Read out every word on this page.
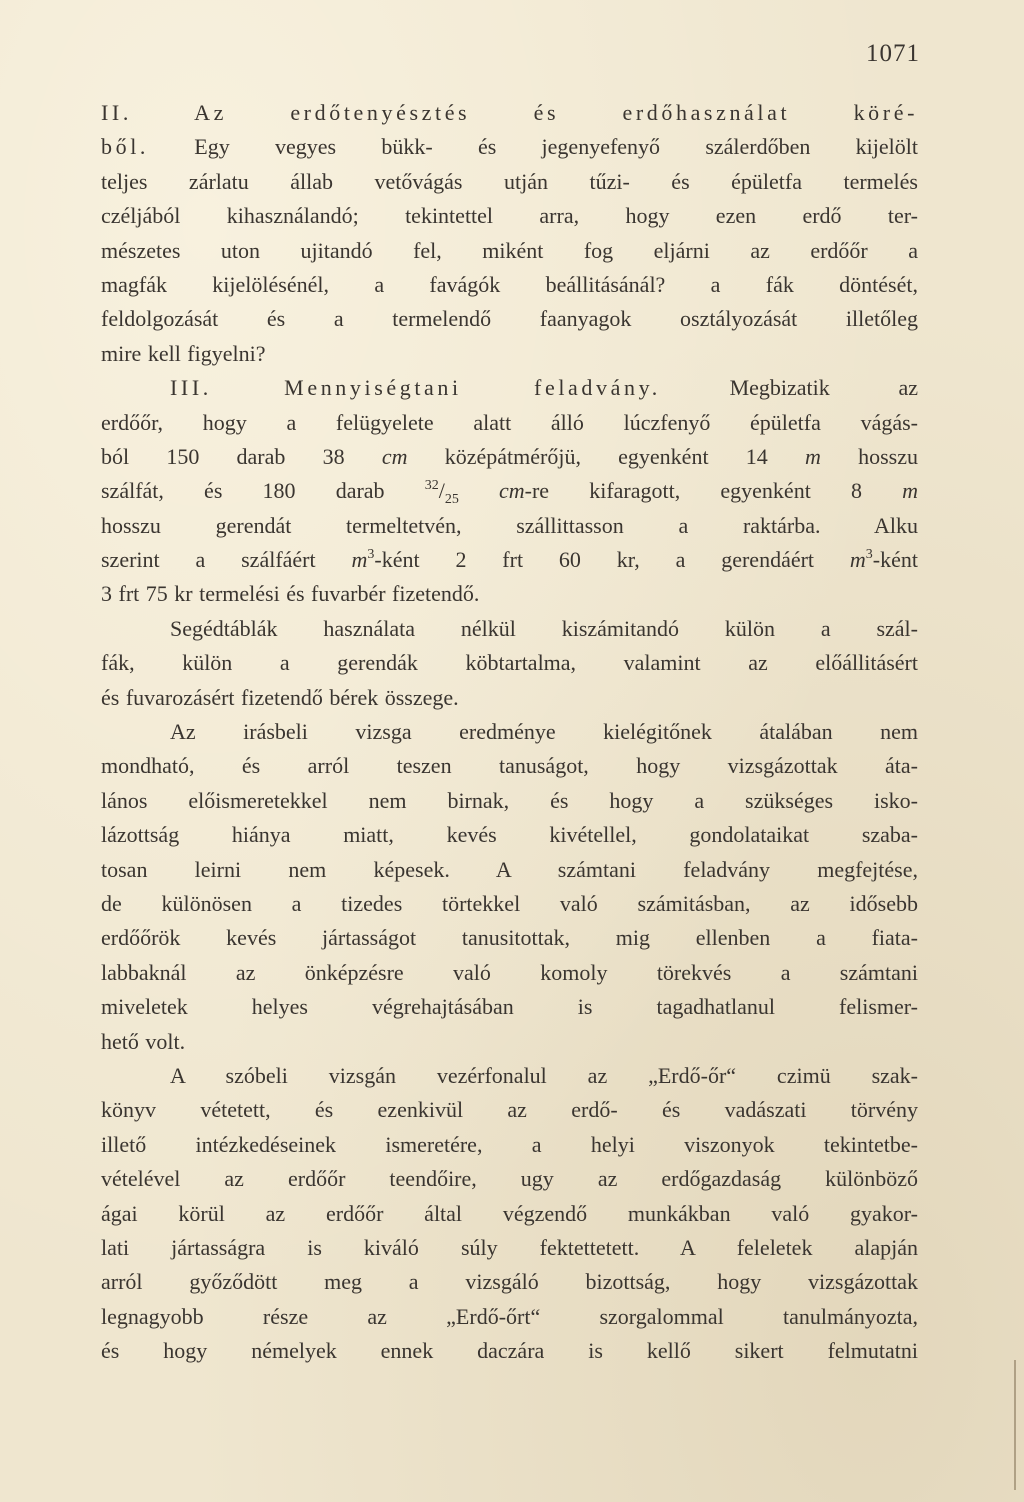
1071
II. Az erdőtenyésztés és erdőhasználat köré-
ből. Egy vegyes bükk- és jegenyefenyő szálerdőben kijelölt
teljes zárlatu állab vetővágás utján tűzi- és épületfa termelés
czéljából kihasználandó; tekintettel arra, hogy ezen erdő ter-
mészetes uton ujitandó fel, miként fog eljárni az erdőőr a
magfák kijelölésénél, a favágók beállitásánál? a fák döntését,
feldolgozását és a termelendő faanyagok osztályozását illetőleg
mire kell figyelni?
III. Mennyiségtani feladvány. Megbizatik az
erdőőr, hogy a felügyelete alatt álló lúczfenyő épületfa vágás-
ból 150 darab 38 cm középátmérőjü, egyenként 14 m hosszu
szálfát, és 180 darab $^{32}/_{25}$ cm-re kifaragott, egyenként 8 m
hosszu gerendát termeltetvén, szállittasson a raktárba. Alku
szerint a szálfáért $m^3$-ként 2 frt 60 kr, a gerendáért $m^3$-ként
3 frt 75 kr termelési és fuvarbér fizetendő.
Segédtáblák használata nélkül kiszámitandó külön a szál-
fák, külön a gerendák köbtartalma, valamint az előállitásért
és fuvarozásért fizetendő bérek összege.
Az irásbeli vizsga eredménye kielégitőnek átalában nem
mondható, és arról teszen tanuságot, hogy vizsgázottak áta-
lános előismeretekkel nem birnak, és hogy a szükséges isko-
lázottság hiánya miatt, kevés kivétellel, gondolataikat szaba-
tosan leirni nem képesek. A számtani feladvány megfejtése,
de különösen a tizedes törtekkel való számitásban, az idősebb
erdőőrök kevés jártasságot tanusitottak, mig ellenben a fiata-
labbaknál az önképzésre való komoly törekvés a számtani
miveletek helyes végrehajtásában is tagadhatlanul felismer-
hető volt.
A szóbeli vizsgán vezérfonalul az „Erdő-őr“ czimü szak-
könyv vétetett, és ezenkivül az erdő- és vadászati törvény
illető intézkedéseinek ismeretére, a helyi viszonyok tekintetbe-
vételével az erdőőr teendőire, ugy az erdőgazdaság különböző
ágai körül az erdőőr által végzendő munkákban való gyakor-
lati jártasságra is kiváló súly fektettetett. A feleletek alapján
arról győződött meg a vizsgáló bizottság, hogy vizsgázottak
legnagyobb része az „Erdő-őrt“ szorgalommal tanulmányozta,
és hogy némelyek ennek daczára is kellő sikert felmutatni
